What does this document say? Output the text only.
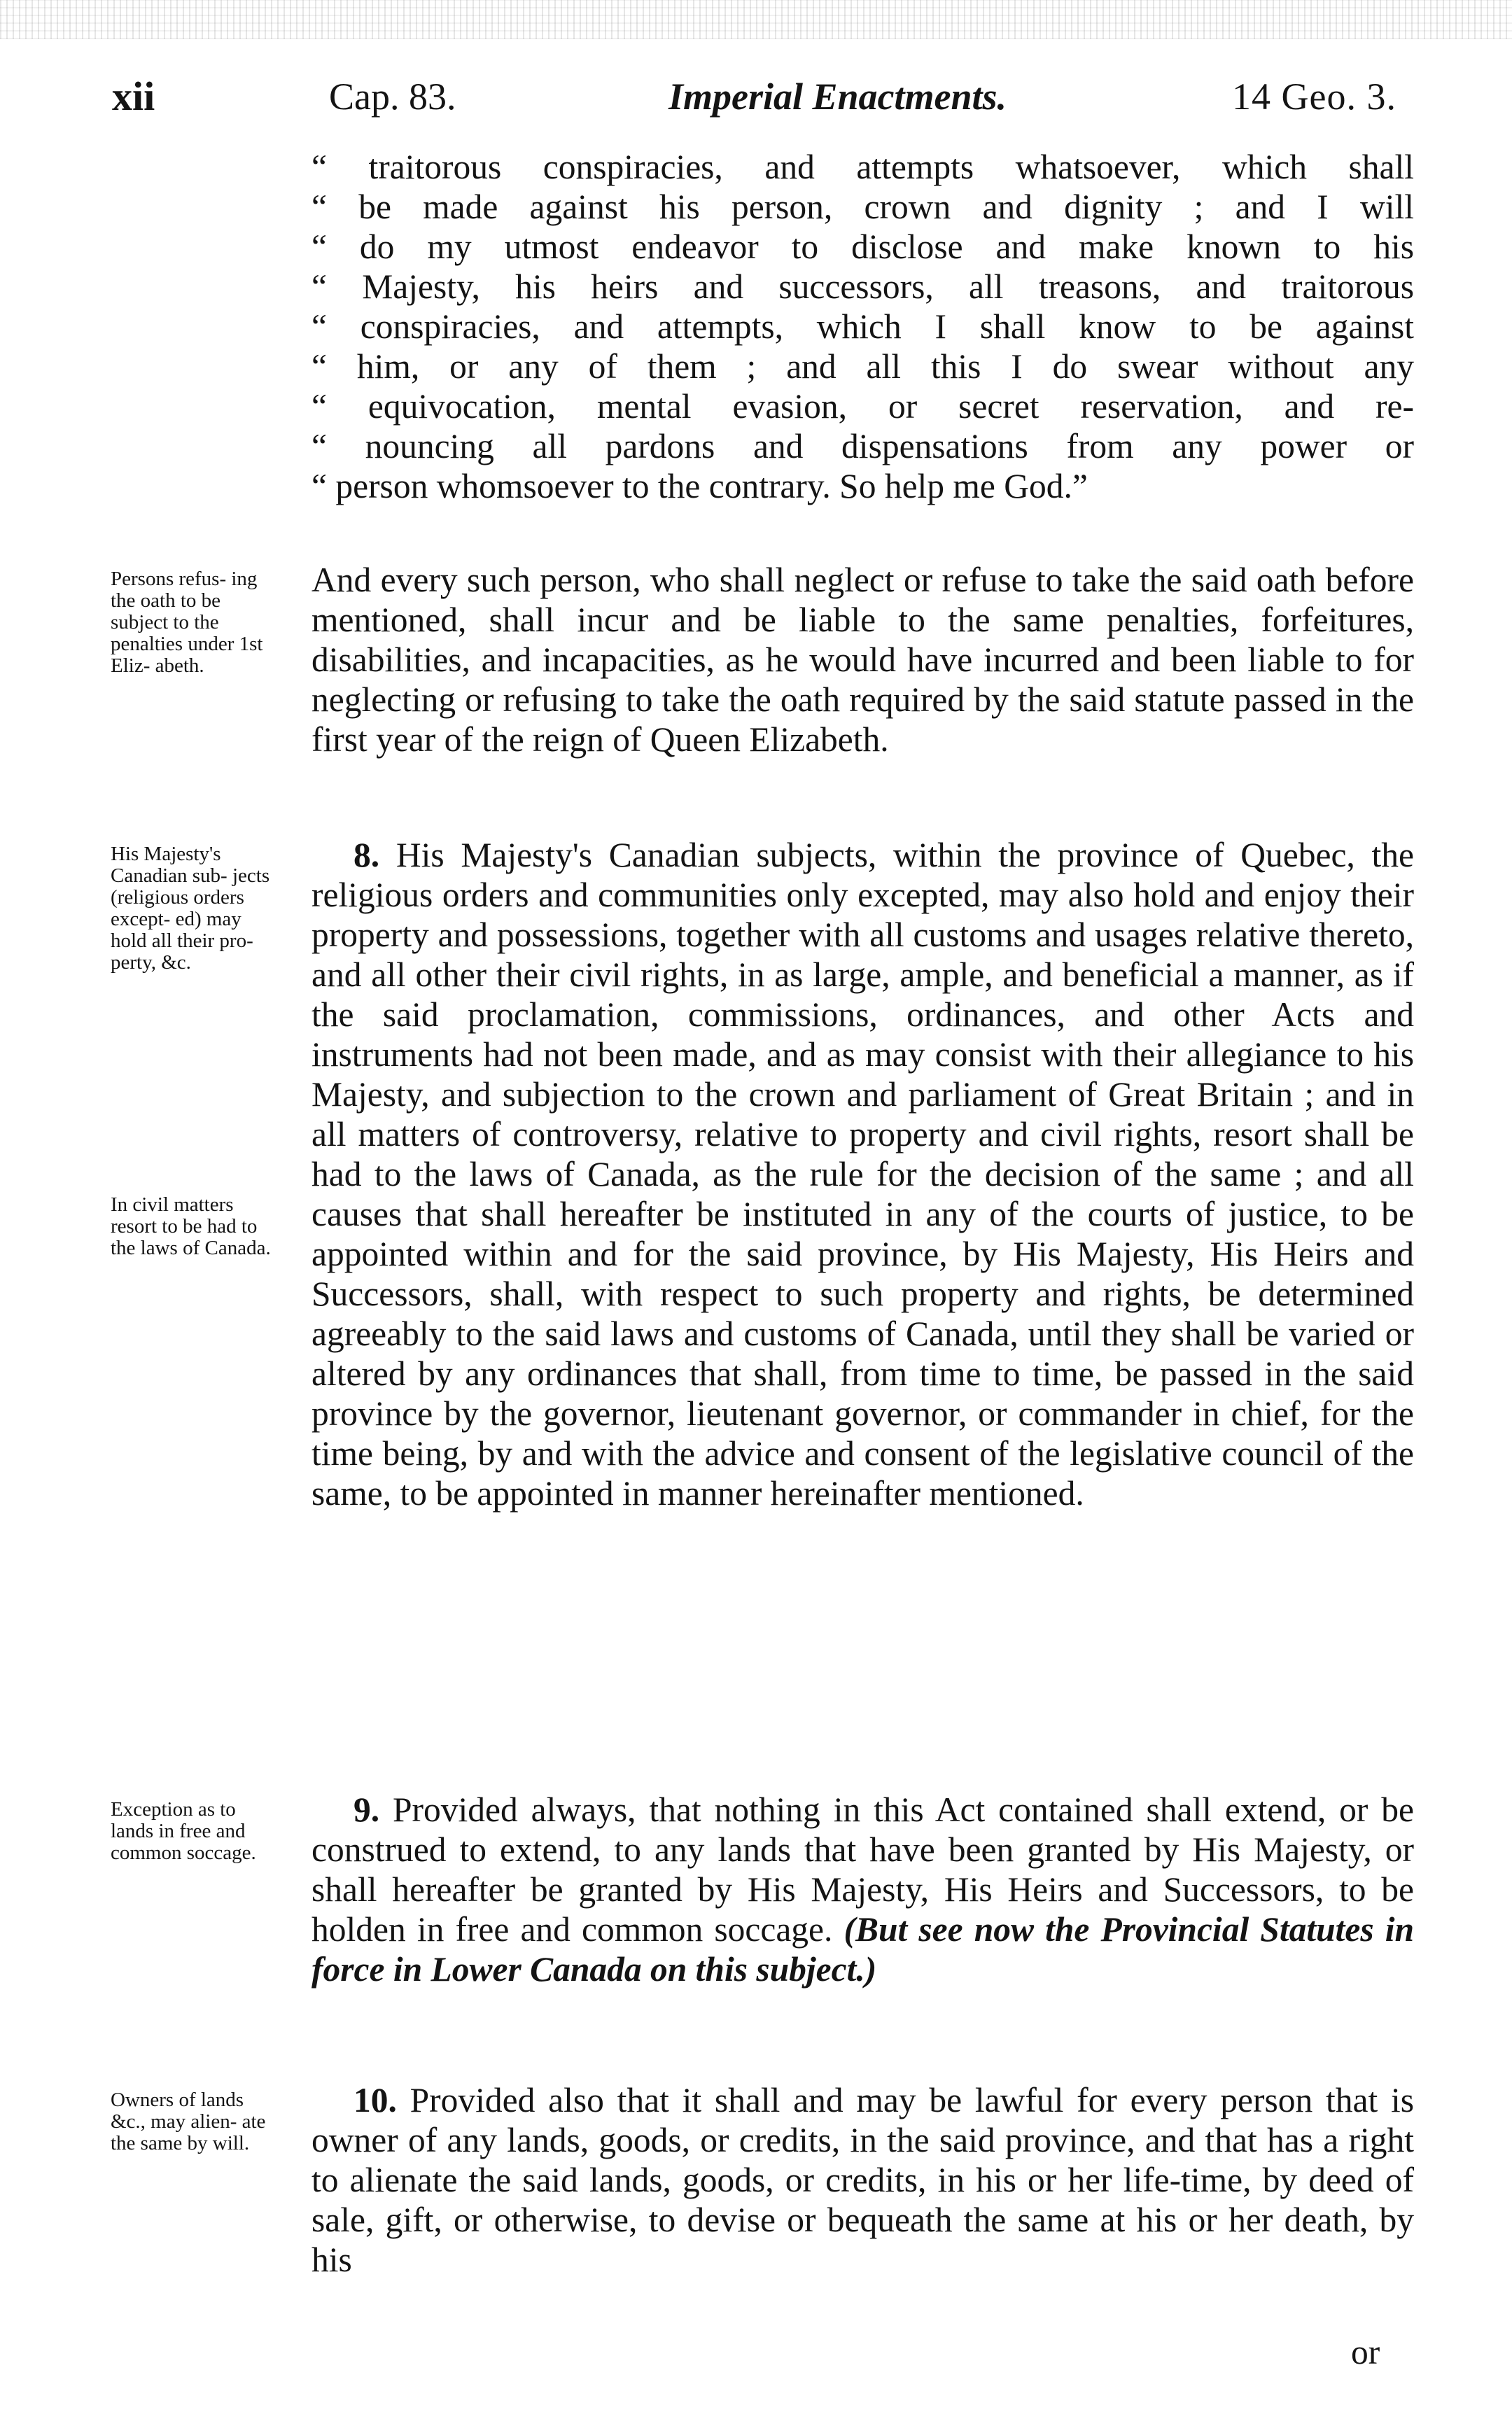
xii	Cap. 83.	Imperial Enactments.	14 Geo. 3.
“ traitorous conspiracies, and attempts whatsoever, which shall
“ be made against his person, crown and dignity ; and I will
“ do my utmost endeavor to disclose and make known to his
“ Majesty, his heirs and successors, all treasons, and traitorous
“ conspiracies, and attempts, which I shall know to be against
“ him, or any of them ; and all this I do swear without any
“ equivocation, mental evasion, or secret reservation, and re-
“ nouncing all pardons and dispensations from any power or
“ person whomsoever to the contrary. So help me God.”
Persons refus- ing the oath to be subject to the penalties under 1st Eliz- abeth.

And every such person, who shall neglect or refuse to take the said oath before mentioned, shall incur and be liable to the same penalties, forfeitures, disabilities, and incapacities, as he would have incurred and been liable to for neglecting or refusing to take the oath required by the said statute passed in the first year of the reign of Queen Elizabeth.

His Majesty's Canadian sub- jects (religious orders except- ed) may hold all their pro- perty, &c.
In civil matters resort to be had to the laws of Canada.

8. His Majesty's Canadian subjects, within the province of Quebec, the religious orders and communities only excepted, may also hold and enjoy their property and possessions, together with all customs and usages relative thereto, and all other their civil rights, in as large, ample, and beneficial a manner, as if the said proclamation, commissions, ordinances, and other Acts and instruments had not been made, and as may consist with their allegiance to his Majesty, and subjection to the crown and parliament of Great Britain ; and in all matters of controversy, relative to property and civil rights, resort shall be had to the laws of Canada, as the rule for the decision of the same ; and all causes that shall hereafter be instituted in any of the courts of justice, to be appointed within and for the said province, by His Majesty, His Heirs and Successors, shall, with respect to such property and rights, be determined agreeably to the said laws and customs of Canada, until they shall be varied or altered by any ordinances that shall, from time to time, be passed in the said province by the governor, lieutenant governor, or commander in chief, for the time being, by and with the advice and consent of the legislative council of the same, to be appointed in manner hereinafter mentioned.

Exception as to lands in free and common soccage.

9. Provided always, that nothing in this Act contained shall extend, or be construed to extend, to any lands that have been granted by His Majesty, or shall hereafter be granted by His Majesty, His Heirs and Successors, to be holden in free and common soccage. (But see now the Provincial Statutes in force in Lower Canada on this subject.)

Owners of lands &c., may alien- ate the same by will.

10. Provided also that it shall and may be lawful for every person that is owner of any lands, goods, or credits, in the said province, and that has a right to alienate the said lands, goods, or credits, in his or her life-time, by deed of sale, gift, or otherwise, to devise or bequeath the same at his or her death, by his

or
